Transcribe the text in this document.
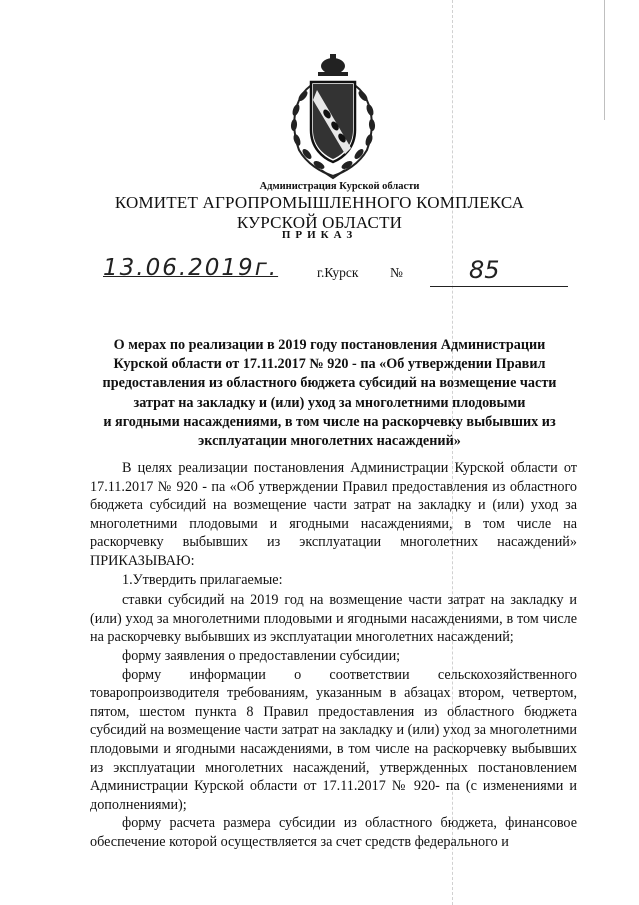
Администрация Курской области
КОМИТЕТ АГРОПРОМЫШЛЕННОГО КОМПЛЕКСА
КУРСКОЙ ОБЛАСТИ
ПРИКАЗ
13.06.2019г.	г.Курск №	85
О мерах по реализации в 2019 году постановления Администрации
Курской области от 17.11.2017 № 920 - па «Об утверждении Правил
предоставления из областного бюджета субсидий на возмещение части
затрат на закладку и (или) уход за многолетними плодовыми
и ягодными насаждениями, в том числе на раскорчевку выбывших из
эксплуатации многолетних насаждений»

В целях реализации постановления Администрации Курской области от 17.11.2017 № 920 - па «Об утверждении Правил предоставления из областного бюджета субсидий на возмещение части затрат на закладку и (или) уход за многолетними плодовыми и ягодными насаждениями, в том числе на раскорчевку выбывших из эксплуатации многолетних насаждений» ПРИКАЗЫВАЮ:

1.Утвердить прилагаемые:

ставки субсидий на 2019 год на возмещение части затрат на закладку и (или) уход за многолетними плодовыми и ягодными насаждениями, в том числе на раскорчевку выбывших из эксплуатации многолетних насаждений;

форму заявления о предоставлении субсидии;

форму информации о соответствии сельскохозяйственного товаропроизводителя требованиям, указанным в абзацах втором, четвертом, пятом, шестом пункта 8 Правил предоставления из областного бюджета субсидий на возмещение части затрат на закладку и (или) уход за многолетними плодовыми и ягодными насаждениями, в том числе на раскорчевку выбывших из эксплуатации многолетних насаждений, утвержденных постановлением Администрации Курской области от 17.11.2017 № 920- па (с изменениями и дополнениями);

форму расчета размера субсидии из областного бюджета, финансовое обеспечение которой осуществляется за счет средств федерального и
